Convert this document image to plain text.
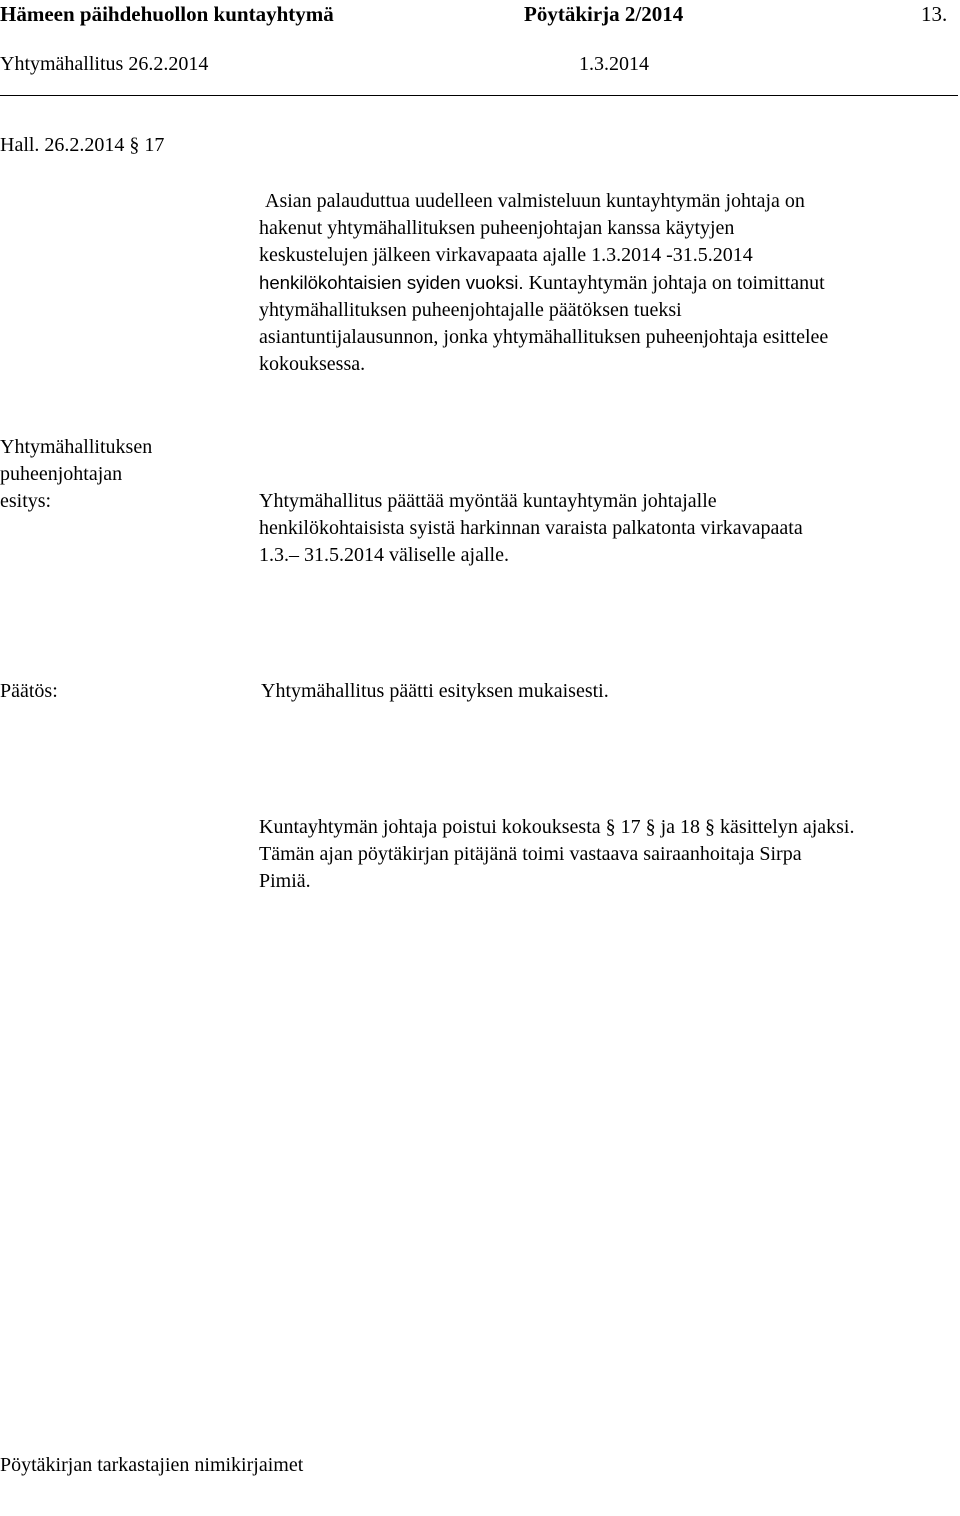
Hämeen päihdehuollon kuntayhtymä	Pöytäkirja 2/2014	13.
Yhtymähallitus 26.2.2014	1.3.2014
Hall. 26.2.2014 § 17
Asian palauduttua uudelleen valmisteluun kuntayhtymän johtaja on
hakenut yhtymähallituksen puheenjohtajan kanssa käytyjen
keskustelujen jälkeen virkavapaata ajalle 1.3.2014 -31.5.2014
henkilökohtaisien syiden vuoksi. Kuntayhtymän johtaja on toimittanut
yhtymähallituksen puheenjohtajalle päätöksen tueksi
asiantuntijalausunnon, jonka yhtymähallituksen puheenjohtaja esittelee
kokouksessa.
Yhtymähallituksen
puheenjohtajan
esitys:	Yhtymähallitus päättää myöntää kuntayhtymän johtajalle
henkilökohtaisista syistä harkinnan varaista palkatonta virkavapaata
1.3.– 31.5.2014 väliselle ajalle.
Päätös:	Yhtymähallitus päätti esityksen mukaisesti.
Kuntayhtymän johtaja poistui kokouksesta § 17 § ja 18 § käsittelyn ajaksi.
Tämän ajan pöytäkirjan pitäjänä toimi vastaava sairaanhoitaja Sirpa
Pimiä.
Pöytäkirjan tarkastajien nimikirjaimet
